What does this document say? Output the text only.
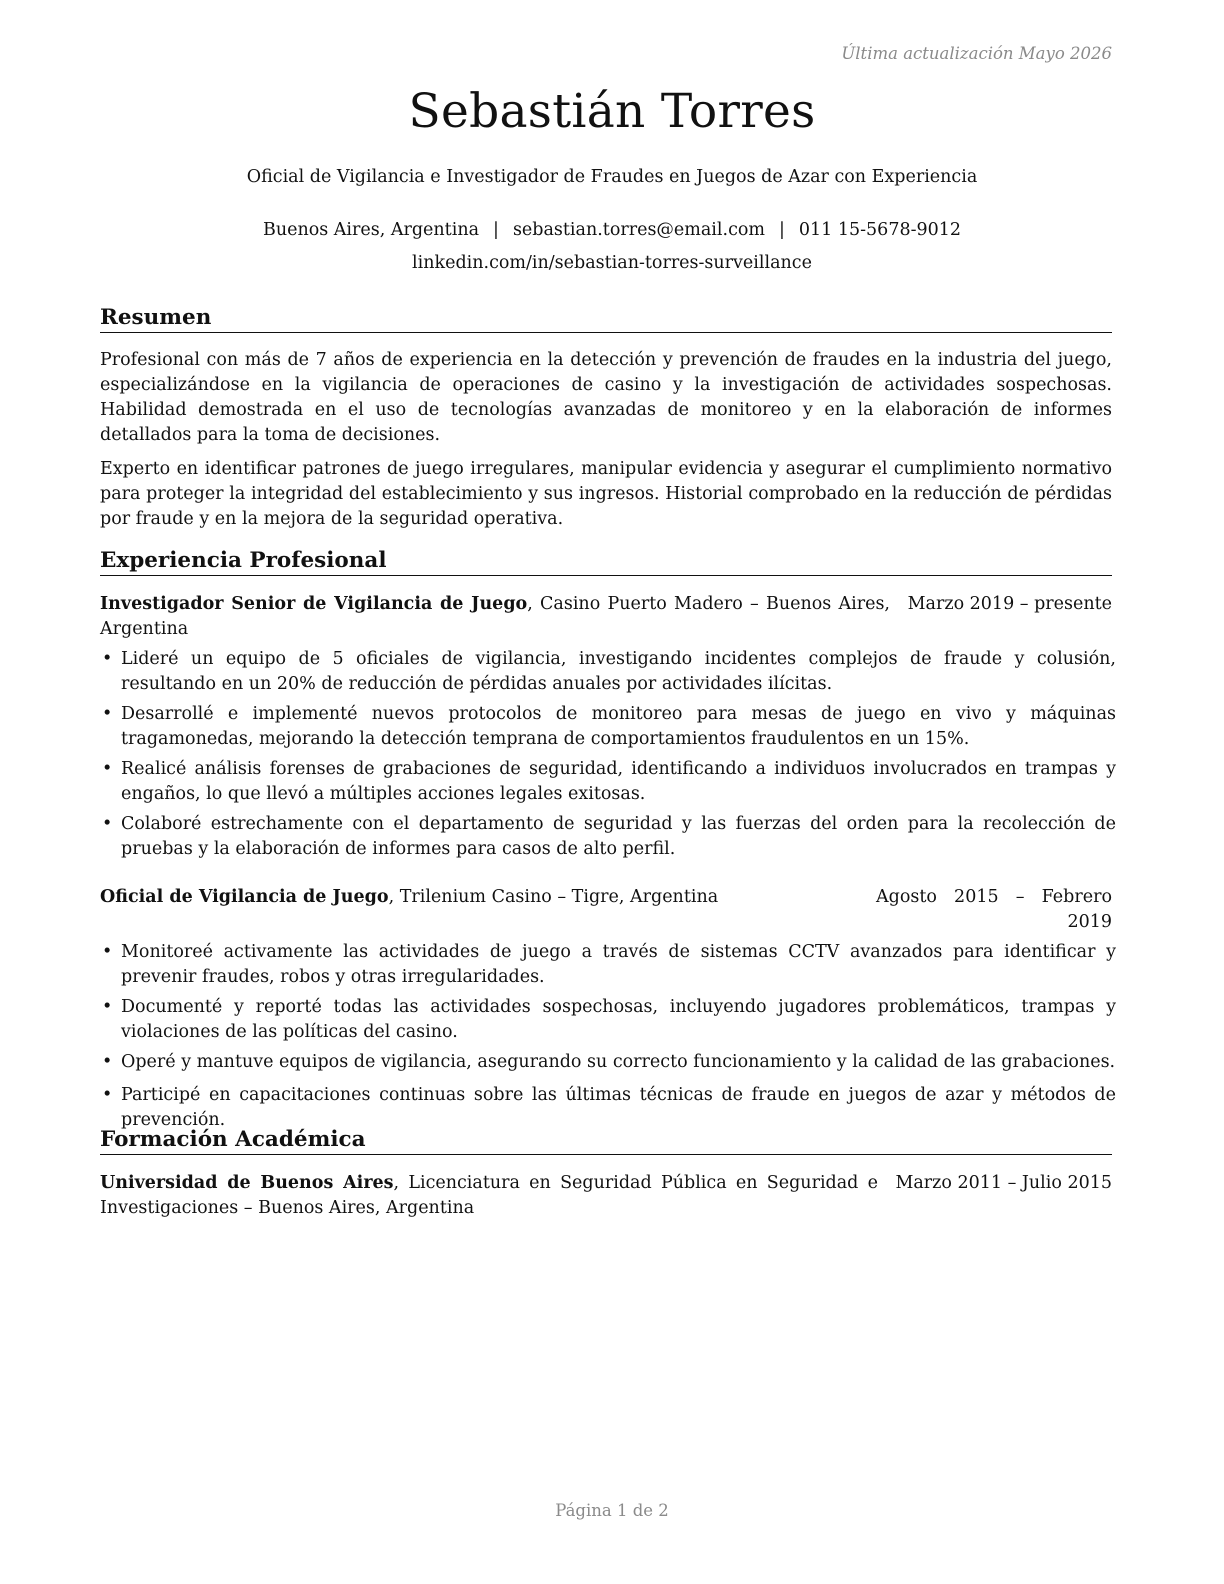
Última actualización Mayo 2026
Sebastián Torres
Oficial de Vigilancia e Investigador de Fraudes en Juegos de Azar con Experiencia
Buenos Aires, Argentina | sebastian.torres@email.com | 011 15-5678-9012
linkedin.com/in/sebastian-torres-surveillance
Resumen
Profesional con más de 7 años de experiencia en la detección y prevención de fraudes en la industria del juego, especializándose en la vigilancia de operaciones de casino y la investigación de actividades sospechosas. Habilidad demostrada en el uso de tecnologías avanzadas de monitoreo y en la elaboración de informes detallados para la toma de decisiones.
Experto en identificar patrones de juego irregulares, manipular evidencia y asegurar el cumplimiento normativo para proteger la integridad del establecimiento y sus ingresos. Historial comprobado en la reducción de pérdidas por fraude y en la mejora de la seguridad operativa.
Experiencia Profesional
Investigador Senior de Vigilancia de Juego, Casino Puerto Madero – Buenos Aires, Argentina
Marzo 2019 – presente
• Lideré un equipo de 5 oficiales de vigilancia, investigando incidentes complejos de fraude y colusión, resultando en un 20% de reducción de pérdidas anuales por actividades ilícitas.
• Desarrollé e implementé nuevos protocolos de monitoreo para mesas de juego en vivo y máquinas tragamonedas, mejorando la detección temprana de comportamientos fraudulentos en un 15%.
• Realicé análisis forenses de grabaciones de seguridad, identificando a individuos involucrados en trampas y engaños, lo que llevó a múltiples acciones legales exitosas.
• Colaboré estrechamente con el departamento de seguridad y las fuerzas del orden para la recolección de pruebas y la elaboración de informes para casos de alto perfil.
Oficial de Vigilancia de Juego, Trilenium Casino – Tigre, Argentina	Agosto 2015 – Febrero 2019
• Monitoreé activamente las actividades de juego a través de sistemas CCTV avanzados para identificar y prevenir fraudes, robos y otras irregularidades.
• Documenté y reporté todas las actividades sospechosas, incluyendo jugadores problemáticos, trampas y violaciones de las políticas del casino.
• Operé y mantuve equipos de vigilancia, asegurando su correcto funcionamiento y la calidad de las grabaciones.
• Participé en capacitaciones continuas sobre las últimas técnicas de fraude en juegos de azar y métodos de prevención.
Formación Académica
Universidad de Buenos Aires, Licenciatura en Seguridad Pública en Seguridad e Investigaciones – Buenos Aires, Argentina
Marzo 2011 – Julio 2015
Página 1 de 2
